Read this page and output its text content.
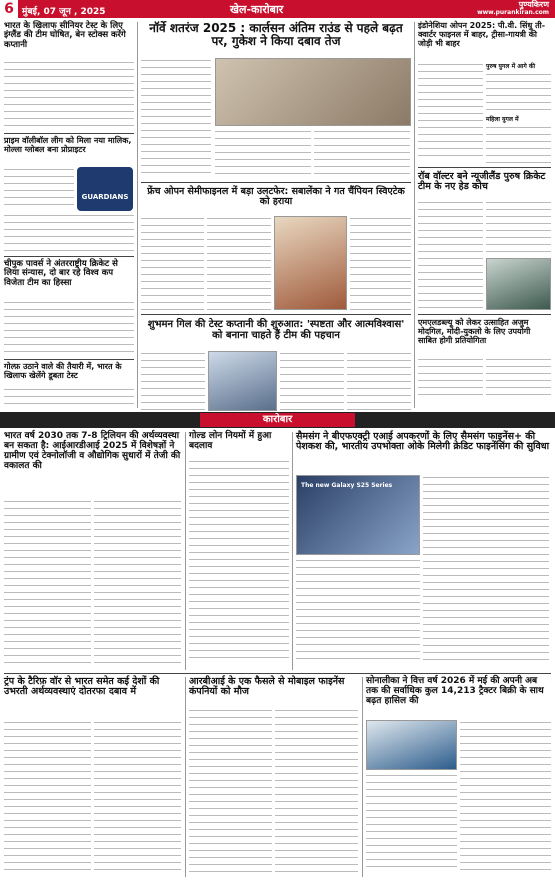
6 मुंबई, 07 जून , 2025	खेल-कारोबार	पुण्यकिरण
www.purankiran.com
भारत के खिलाफ सीनियर टेस्ट के लिए इंग्लैंड की टीम घोषित, बेन स्टोक्स करेंगे कप्तानी
प्राइम वॉलीबॉल लीग को मिला नया मालिक, मोल्ला ग्लोबल बना प्रोप्राइटर
GUARDIANS
चीपुक पावर्स ने अंतरराष्ट्रीय क्रिकेट से लिया संन्यास, दो बार रहे विश्व कप विजेता टीम का हिस्सा
गोल्फ़ उठाने वाले की तैयारी में, भारत के खिलाफ खेलेंगे डूबता टेस्ट
नॉर्वे शतरंज 2025 : कार्लसन अंतिम राउंड से पहले बढ़त पर, गुकेश ने किया दबाव तेज
फ्रेंच ओपन सेमीफाइनल में बड़ा उलटफेर: सबालेंका ने गत चैंपियन स्विएटेक को हराया
शुभमन गिल की टेस्ट कप्तानी की शुरुआत: 'स्पष्टता और आत्मविश्वास' को बनाना चाहते हैं टीम की पहचान
इंडोनेशिया ओपन 2025: पी.वी. सिंधु ती-क्वार्टर फाइनल में बाहर, ट्रीसा-गायत्री की जोड़ी भी बाहर
पुरुष युगल में आगे की
महिला युगल में
रॉब वॉल्टर बने न्यूजीलैंड पुरुष क्रिकेट टीम के नए हेड कोच
एमएलडब्ल्यू को लेकर उत्साहित अजुम मोदगिल, मोदी-युकलो के लिए उपयोगी साबित होगी प्रतियोगिता
कारोबार
भारत वर्ष 2030 तक 7-8 ट्रिलियन की अर्थव्यवस्था बन सकता है: आईआरडीआई 2025 में विशेषज्ञों ने ग्रामीण एवं टेक्नोलॉजी व औद्योगिक सुधारों में तेजी की वकालत की
गोल्ड लोन नियमों में हुआ बदलाव
सैमसंग ने बीएफएक्ट्री एआई अपकरणों के लिए सैमसंग फाइनेंस+ की पेशकश की, भारतीय उपभोक्ता ओके मिलेगी क्रेडिट फाइनेंसिंग की सुविधा
The new Galaxy S25 Series
ट्रंप के टैरिफ़ वॉर से भारत समेत कई देशों की उभरती अर्थव्यवस्थाएं दोतरफा दबाव में
आरबीआई के एक फैसले से मोबाइल फाइनेंस कंपनियों को मौज
सोनालीका ने वित्त वर्ष 2026 में मई की अपनी अब तक की सर्वाधिक कुल 14,213 ट्रैक्टर बिक्री के साथ बढ़त हासिल की
